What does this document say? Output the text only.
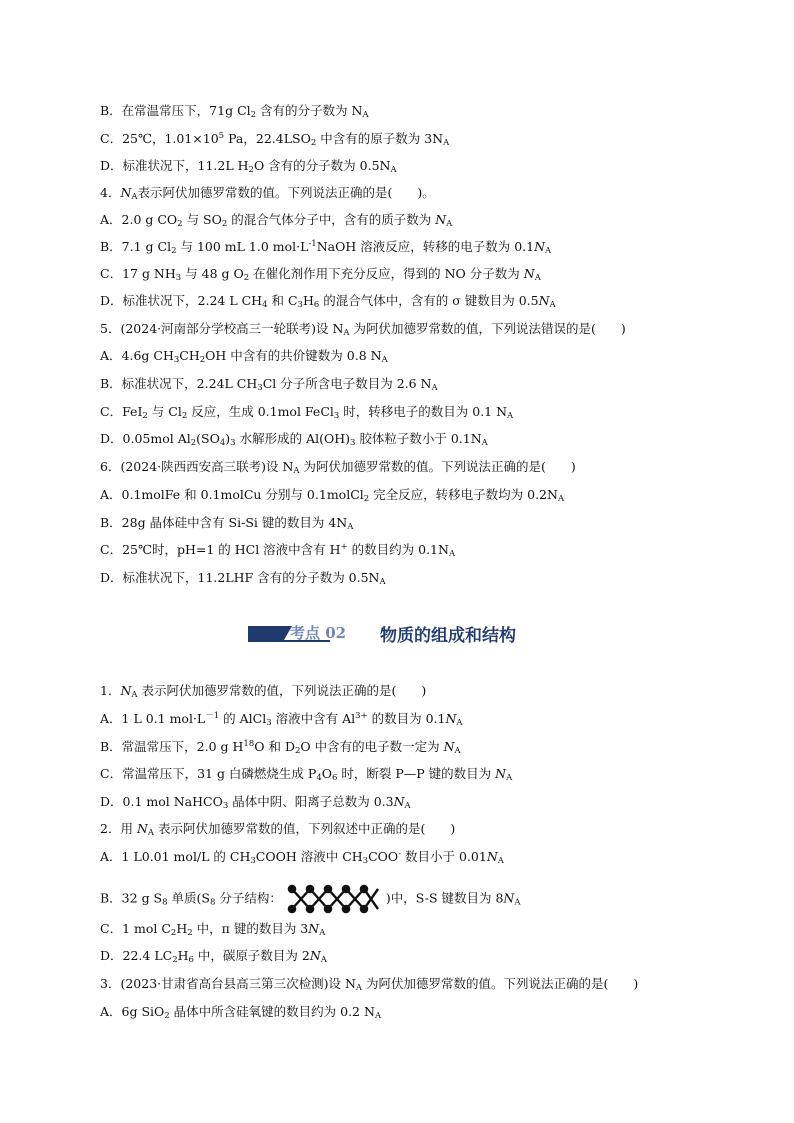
B．在常温常压下，71g $Cl_2$ 含有的分子数为 $N_A$
C．25℃，$1.01\times 10^5$ Pa，$22.4LSO_2$ 中含有的原子数为 $3N_A$
D．标准状况下，11.2L $H_2O$ 含有的分子数为 $0.5N_A$
4．$N_A$表示阿伏加德罗常数的值。下列说法正确的是(　　)。
A．2.0 g $CO_2$ 与 $SO_2$ 的混合气体分子中，含有的质子数为 $N_A$
B．7.1 g $Cl_2$ 与 100 mL 1.0 $mol\cdot L^{-1}NaOH$ 溶液反应，转移的电子数为 $0.1N_A$
C．17 g $NH_3$ 与 48 g $O_2$ 在催化剂作用下充分反应，得到的 NO 分子数为 $N_A$
D．标准状况下，2.24 L $CH_4$ 和 $C_3H_6$ 的混合气体中，含有的 σ 键数目为 $0.5N_A$
5．(2024·河南部分学校高三一轮联考)设 $N_A$ 为阿伏加德罗常数的值，下列说法错误的是(　　)
A．4.6g $CH_3CH_2OH$ 中含有的共价键数为 0.8 $N_A$
B．标准状况下，2.24L $CH_3Cl$ 分子所含电子数目为 2.6 $N_A$
C．FeI$_2$ 与 $Cl_2$ 反应，生成 0.1mol FeCl$_3$ 时，转移电子的数目为 0.1 $N_A$
D．0.05mol $Al_2(SO_4)_3$ 水解形成的 $Al(OH)_3$ 胶体粒子数小于 $0.1N_A$
6．(2024·陕西西安高三联考)设 $N_A$ 为阿伏加德罗常数的值。下列说法正确的是(　　)
A．0.1molFe 和 0.1molCu 分别与 0.1molCl$_2$ 完全反应，转移电子数均为 $0.2N_A$
B．28g 晶体硅中含有 Si-Si 键的数目为 $4N_A$
C．25℃时，pH=1 的 HCl 溶液中含有 H+ 的数目约为 $0.1N_A$
D．标准状况下，11.2LHF 含有的分子数为 $0.5N_A$
考点 02 物质的组成和结构
1．$N_A$ 表示阿伏加德罗常数的值，下列说法正确的是(　　)
A．1 L 0.1 $mol\cdot L^{-1}$ 的 AlCl$_3$ 溶液中含有 $Al^{3+}$ 的数目为 $0.1N_A$
B．常温常压下，2.0 g $H^{18}O$ 和 $D_2O$ 中含有的电子数一定为 $N_A$
C．常温常压下，31 g 白磷燃烧生成 $P_4O_6$ 时，断裂 P—P 键的数目为 $N_A$
D．0.1 mol NaHCO$_3$ 晶体中阴、阳离子总数为 $0.3N_A$
2．用 $N_A$ 表示阿伏加德罗常数的值，下列叙述中正确的是(　　)
A．1 L0.01 mol/L 的 $CH_3COOH$ 溶液中 $CH_3COO^-$ 数目小于 $0.01N_A$
C．1 mol $C_2H_2$ 中，π 键的数目为 $3N_A$
D．22.4 $LC_2H_6$ 中，碳原子数目为 $2N_A$
3．(2023·甘肃省高台县高三第三次检测)设 $N_A$ 为阿伏加德罗常数的值。下列说法正确的是(　　)
A．6g SiO$_2$ 晶体中所含硅氧键的数目约为 0.2 $N_A$
B．32 g $S_8$ 单质($S_8$ 分子结构：	)中，S-S 键数目为 $8N_A$
